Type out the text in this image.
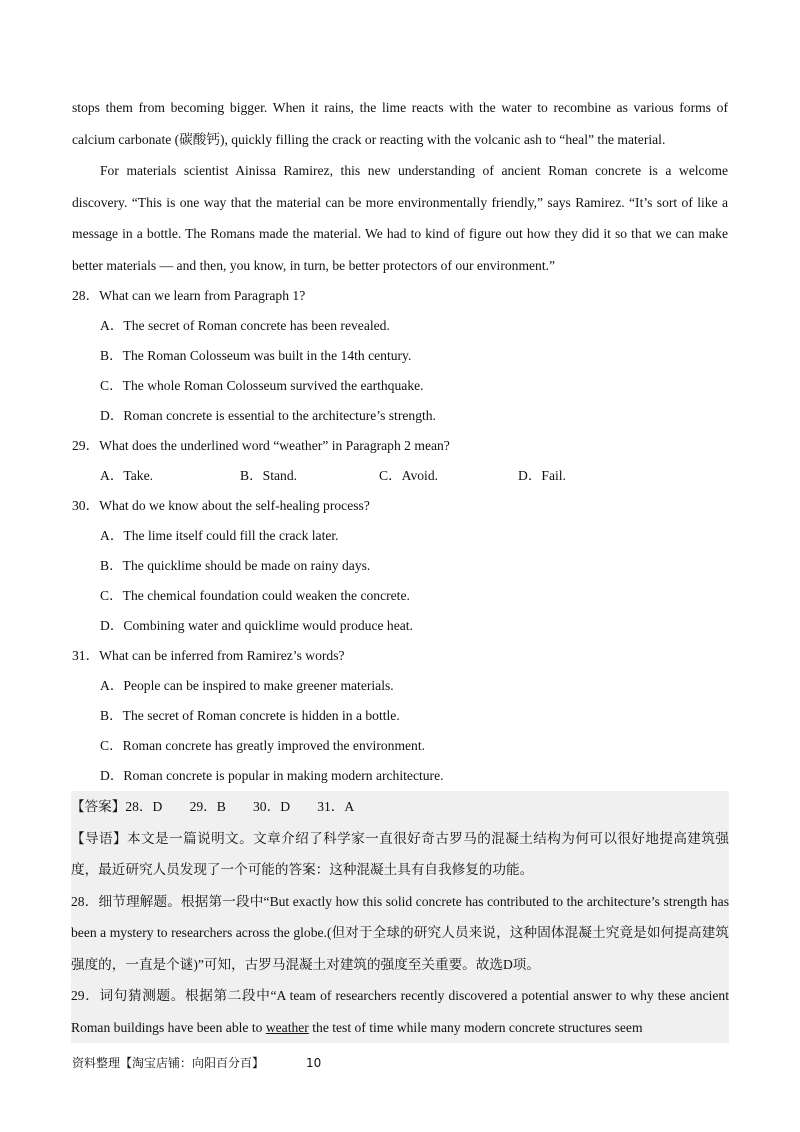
stops them from becoming bigger. When it rains, the lime reacts with the water to recombine as various forms of calcium carbonate (碳酸钙), quickly filling the crack or reacting with the volcanic ash to “heal” the material.

For materials scientist Ainissa Ramirez, this new understanding of ancient Roman concrete is a welcome discovery. “This is one way that the material can be more environmentally friendly,” says Ramirez. “It’s sort of like a message in a bottle. The Romans made the material. We had to kind of figure out how they did it so that we can make better materials — and then, you know, in turn, be better protectors of our environment.”

28．What can we learn from Paragraph 1?

A．The secret of Roman concrete has been revealed.

B．The Roman Colosseum was built in the 14th century.

C．The whole Roman Colosseum survived the earthquake.

D．Roman concrete is essential to the architecture’s strength.

29．What does the underlined word “weather” in Paragraph 2 mean?

A．Take.	B．Stand.	C．Avoid.	D．Fail.

30．What do we know about the self-healing process?

A．The lime itself could fill the crack later.

B．The quicklime should be made on rainy days.

C．The chemical foundation could weaken the concrete.

D．Combining water and quicklime would produce heat.

31．What can be inferred from Ramirez’s words?

A．People can be inspired to make greener materials.

B．The secret of Roman concrete is hidden in a bottle.

C．Roman concrete has greatly improved the environment.

D．Roman concrete is popular in making modern architecture.

【答案】28．D　　29．B　　30．D　　31．A

【导语】本文是一篇说明文。文章介绍了科学家一直很好奇古罗马的混凝土结构为何可以很好地提高建筑强度，最近研究人员发现了一个可能的答案：这种混凝土具有自我修复的功能。

28．细节理解题。根据第一段中“But exactly how this solid concrete has contributed to the architecture’s strength has been a mystery to researchers across the globe.(但对于全球的研究人员来说，这种固体混凝土究竟是如何提高建筑强度的，一直是个谜)”可知，古罗马混凝土对建筑的强度至关重要。故选D项。

29．词句猜测题。根据第二段中“A team of researchers recently discovered a potential answer to why these ancient Roman buildings have been able to weather the test of time while many modern concrete structures seem

资料整理【淘宝店铺：向阳百分百】	10
